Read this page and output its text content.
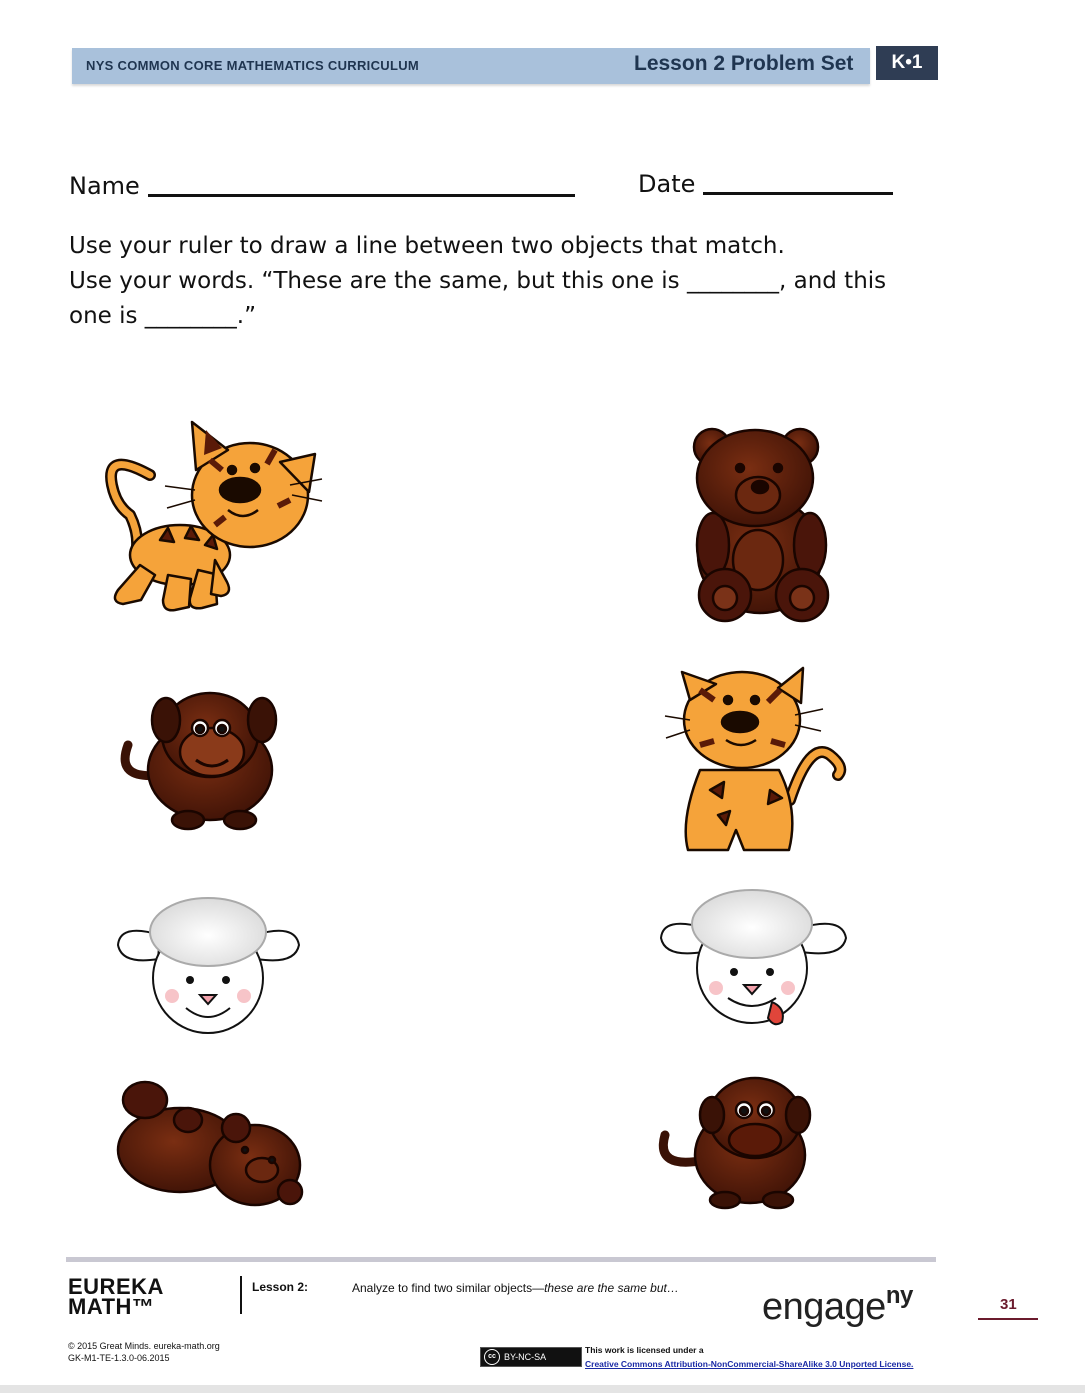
NYS COMMON CORE MATHEMATICS CURRICULUM	Lesson 2 Problem Set	K•1
Name	Date
Use your ruler to draw a line between two objects that match.
Use your words. “These are the same, but this one is ________, and this
one is ________.”
EUREKA
MATH™
Lesson 2:	Analyze to find two similar objects—these are the same but… engage$^{ny}$	31
© 2015 Great Minds. eureka-math.org
GK-M1-TE-1.3.0-06.2015	cc BY-NC-SA
This work is licensed under a
Creative Commons Attribution-NonCommercial-ShareAlike 3.0 Unported License.
